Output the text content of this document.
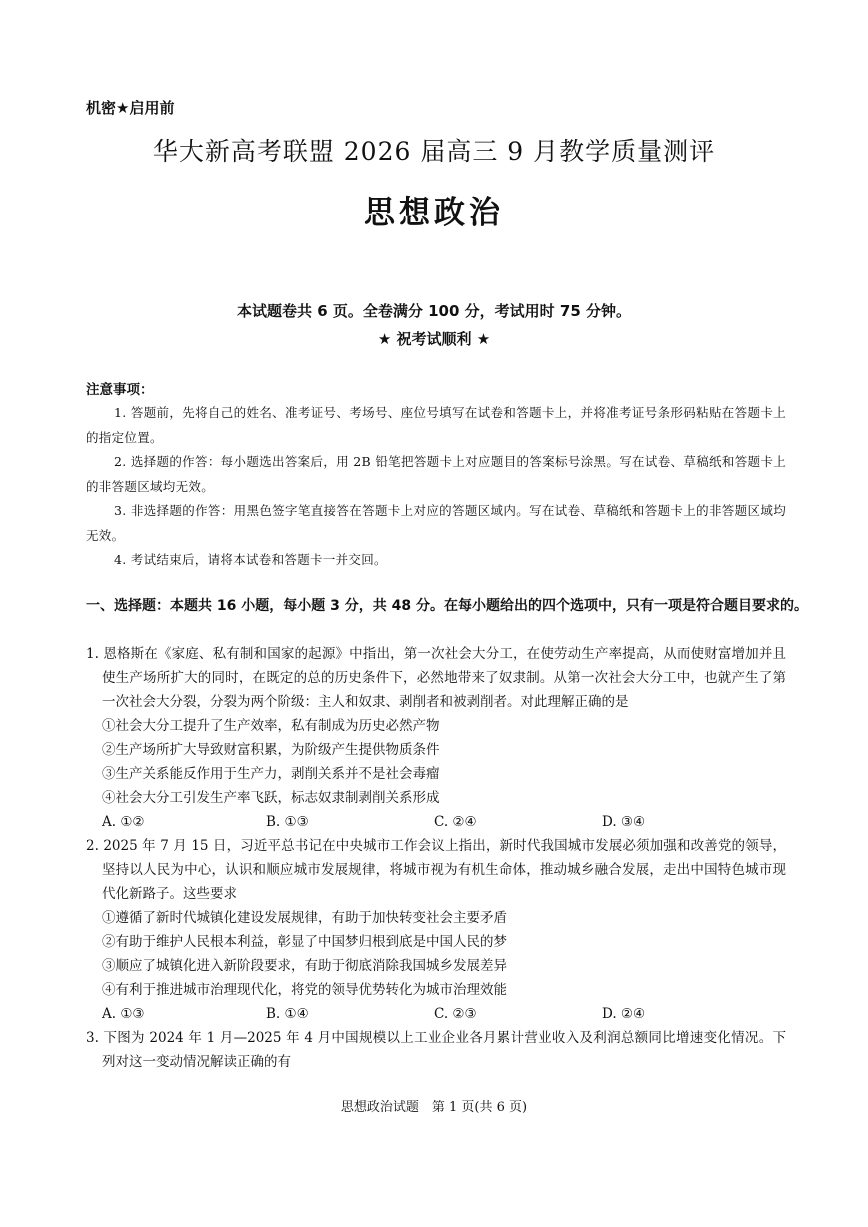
机密★启用前
华大新高考联盟 2026 届高三 9 月教学质量测评
思想政治
本试题卷共 6 页。全卷满分 100 分，考试用时 75 分钟。
★ 祝考试顺利 ★
注意事项：

1. 答题前，先将自己的姓名、准考证号、考场号、座位号填写在试卷和答题卡上，并将准考证号条形码粘贴在答题卡上的指定位置。

2. 选择题的作答：每小题选出答案后，用 2B 铅笔把答题卡上对应题目的答案标号涂黑。写在试卷、草稿纸和答题卡上的非答题区域均无效。

3. 非选择题的作答：用黑色签字笔直接答在答题卡上对应的答题区域内。写在试卷、草稿纸和答题卡上的非答题区域均无效。

4. 考试结束后，请将本试卷和答题卡一并交回。

一、选择题：本题共 16 小题，每小题 3 分，共 48 分。在每小题给出的四个选项中，只有一项是符合题目要求的。
1. 恩格斯在《家庭、私有制和国家的起源》中指出，第一次社会大分工，在使劳动生产率提高，从而使财富增加并且使生产场所扩大的同时，在既定的总的历史条件下，必然地带来了奴隶制。从第一次社会大分工中，也就产生了第一次社会大分裂，分裂为两个阶级：主人和奴隶、剥削者和被剥削者。对此理解正确的是
①社会大分工提升了生产效率，私有制成为历史必然产物
②生产场所扩大导致财富积累，为阶级产生提供物质条件
③生产关系能反作用于生产力，剥削关系并不是社会毒瘤
④社会大分工引发生产率飞跃，标志奴隶制剥削关系形成
A. ①②	B. ①③	C. ②④	D. ③④
2. 2025 年 7 月 15 日，习近平总书记在中央城市工作会议上指出，新时代我国城市发展必须加强和改善党的领导，坚持以人民为中心，认识和顺应城市发展规律，将城市视为有机生命体，推动城乡融合发展，走出中国特色城市现代化新路子。这些要求
①遵循了新时代城镇化建设发展规律，有助于加快转变社会主要矛盾
②有助于维护人民根本利益，彰显了中国梦归根到底是中国人民的梦
③顺应了城镇化进入新阶段要求，有助于彻底消除我国城乡发展差异
④有利于推进城市治理现代化，将党的领导优势转化为城市治理效能
A. ①③	B. ①④	C. ②③	D. ②④
3. 下图为 2024 年 1 月—2025 年 4 月中国规模以上工业企业各月累计营业收入及利润总额同比增速变化情况。下列对这一变动情况解读正确的有
思想政治试题　第 1 页(共 6 页)
